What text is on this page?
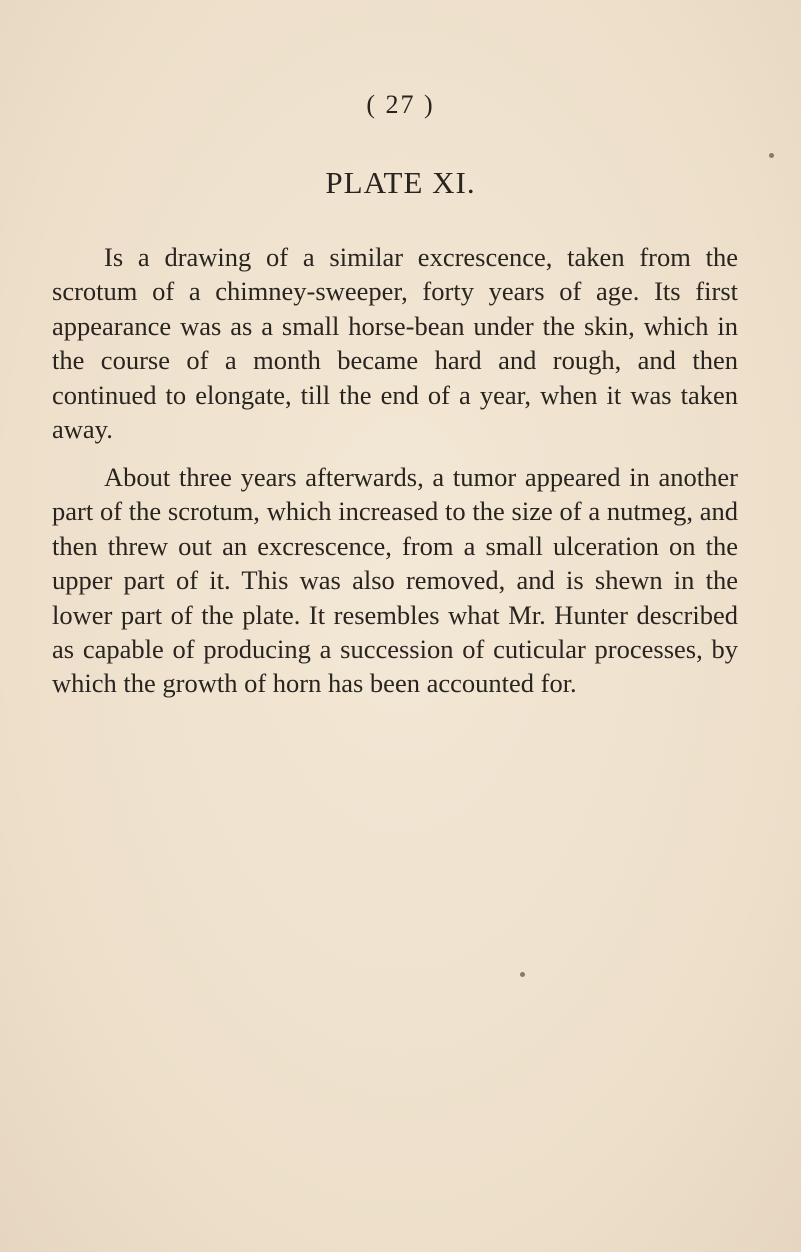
( 27 )
PLATE XI.

Is a drawing of a similar excrescence, taken from the scrotum of a chimney-sweeper, forty years of age. Its first appearance was as a small horse-bean under the skin, which in the course of a month became hard and rough, and then continued to elongate, till the end of a year, when it was taken away.

About three years afterwards, a tumor appeared in another part of the scrotum, which increased to the size of a nutmeg, and then threw out an excrescence, from a small ulceration on the upper part of it. This was also removed, and is shewn in the lower part of the plate. It resembles what Mr. Hunter described as capable of producing a succession of cuticular processes, by which the growth of horn has been accounted for.
